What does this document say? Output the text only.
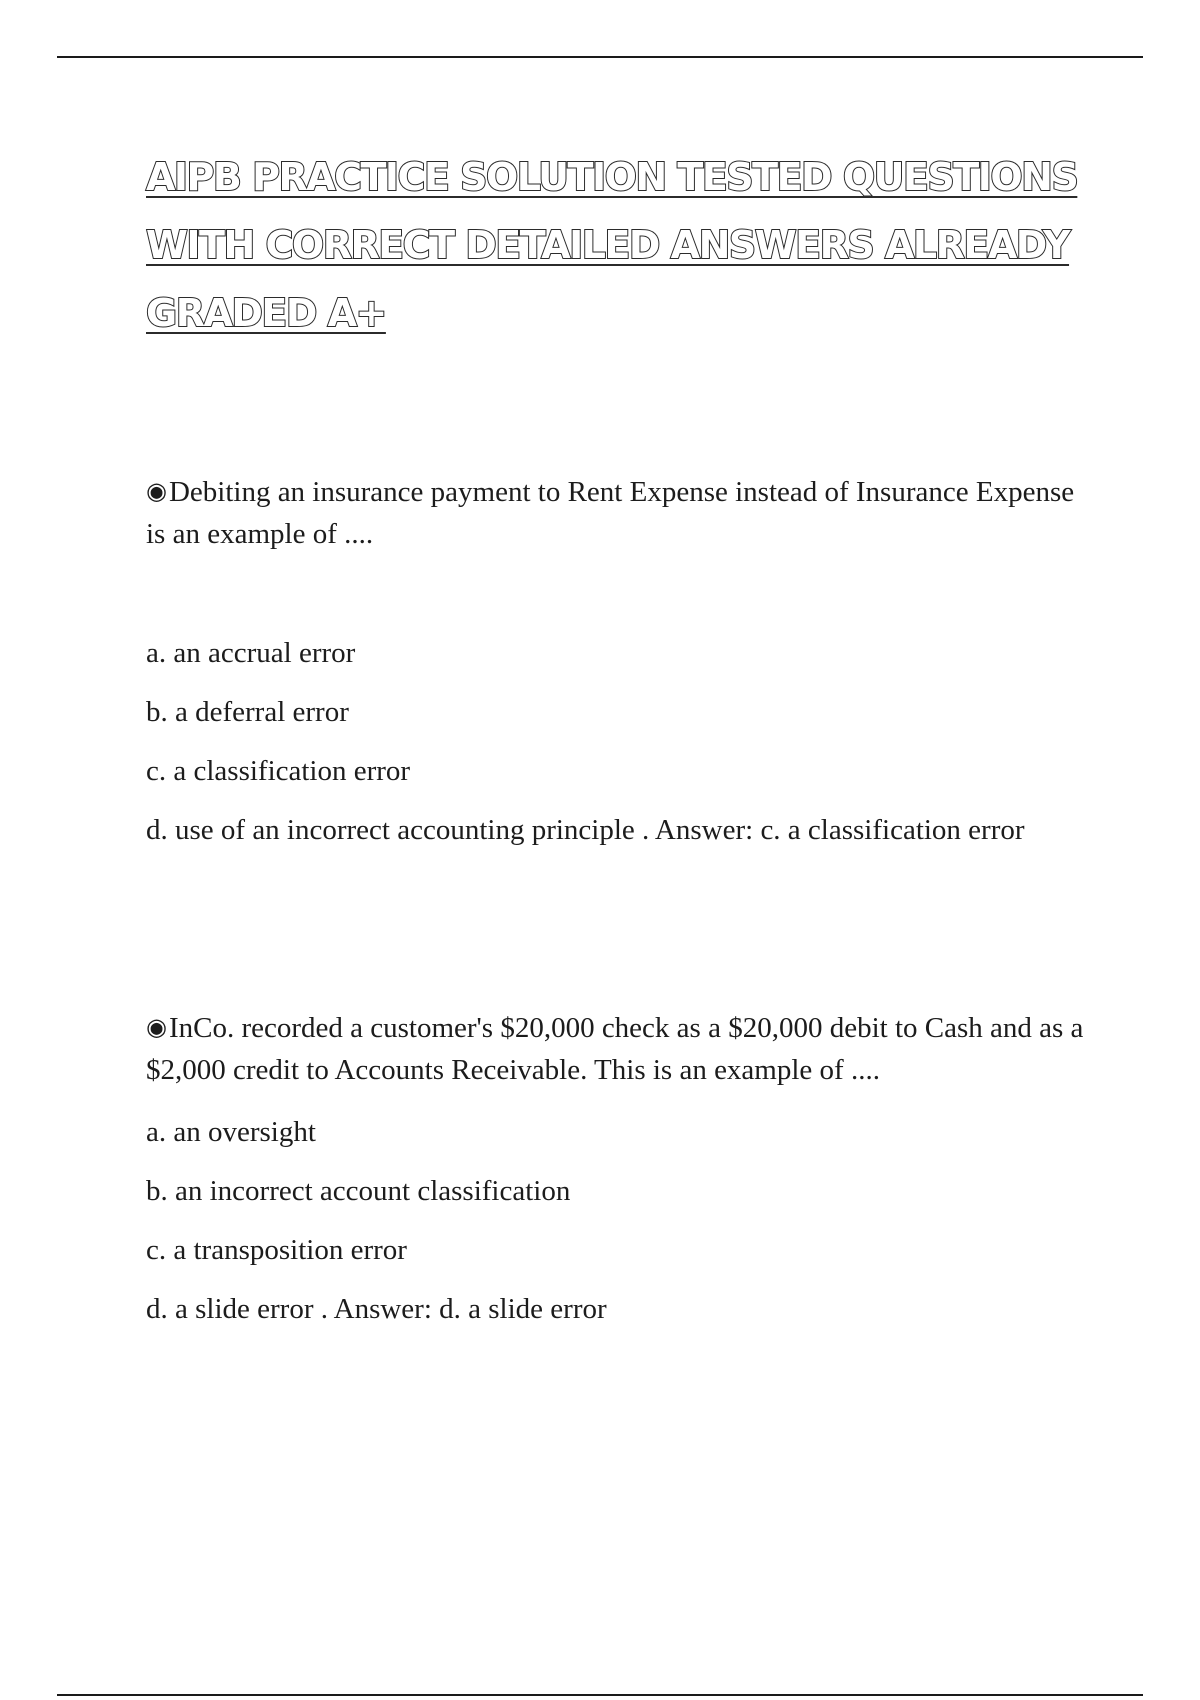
AIPB PRACTICE SOLUTION TESTED QUESTIONS WITH CORRECT DETAILED ANSWERS ALREADY GRADED A+

◉Debiting an insurance payment to Rent Expense instead of Insurance Expense is an example of ....

a. an accrual error

b. a deferral error

c. a classification error

d. use of an incorrect accounting principle . Answer: c. a classification error

◉InCo. recorded a customer's $20,000 check as a $20,000 debit to Cash and as a $2,000 credit to Accounts Receivable. This is an example of ....

a. an oversight

b. an incorrect account classification

c. a transposition error

d. a slide error . Answer: d. a slide error
